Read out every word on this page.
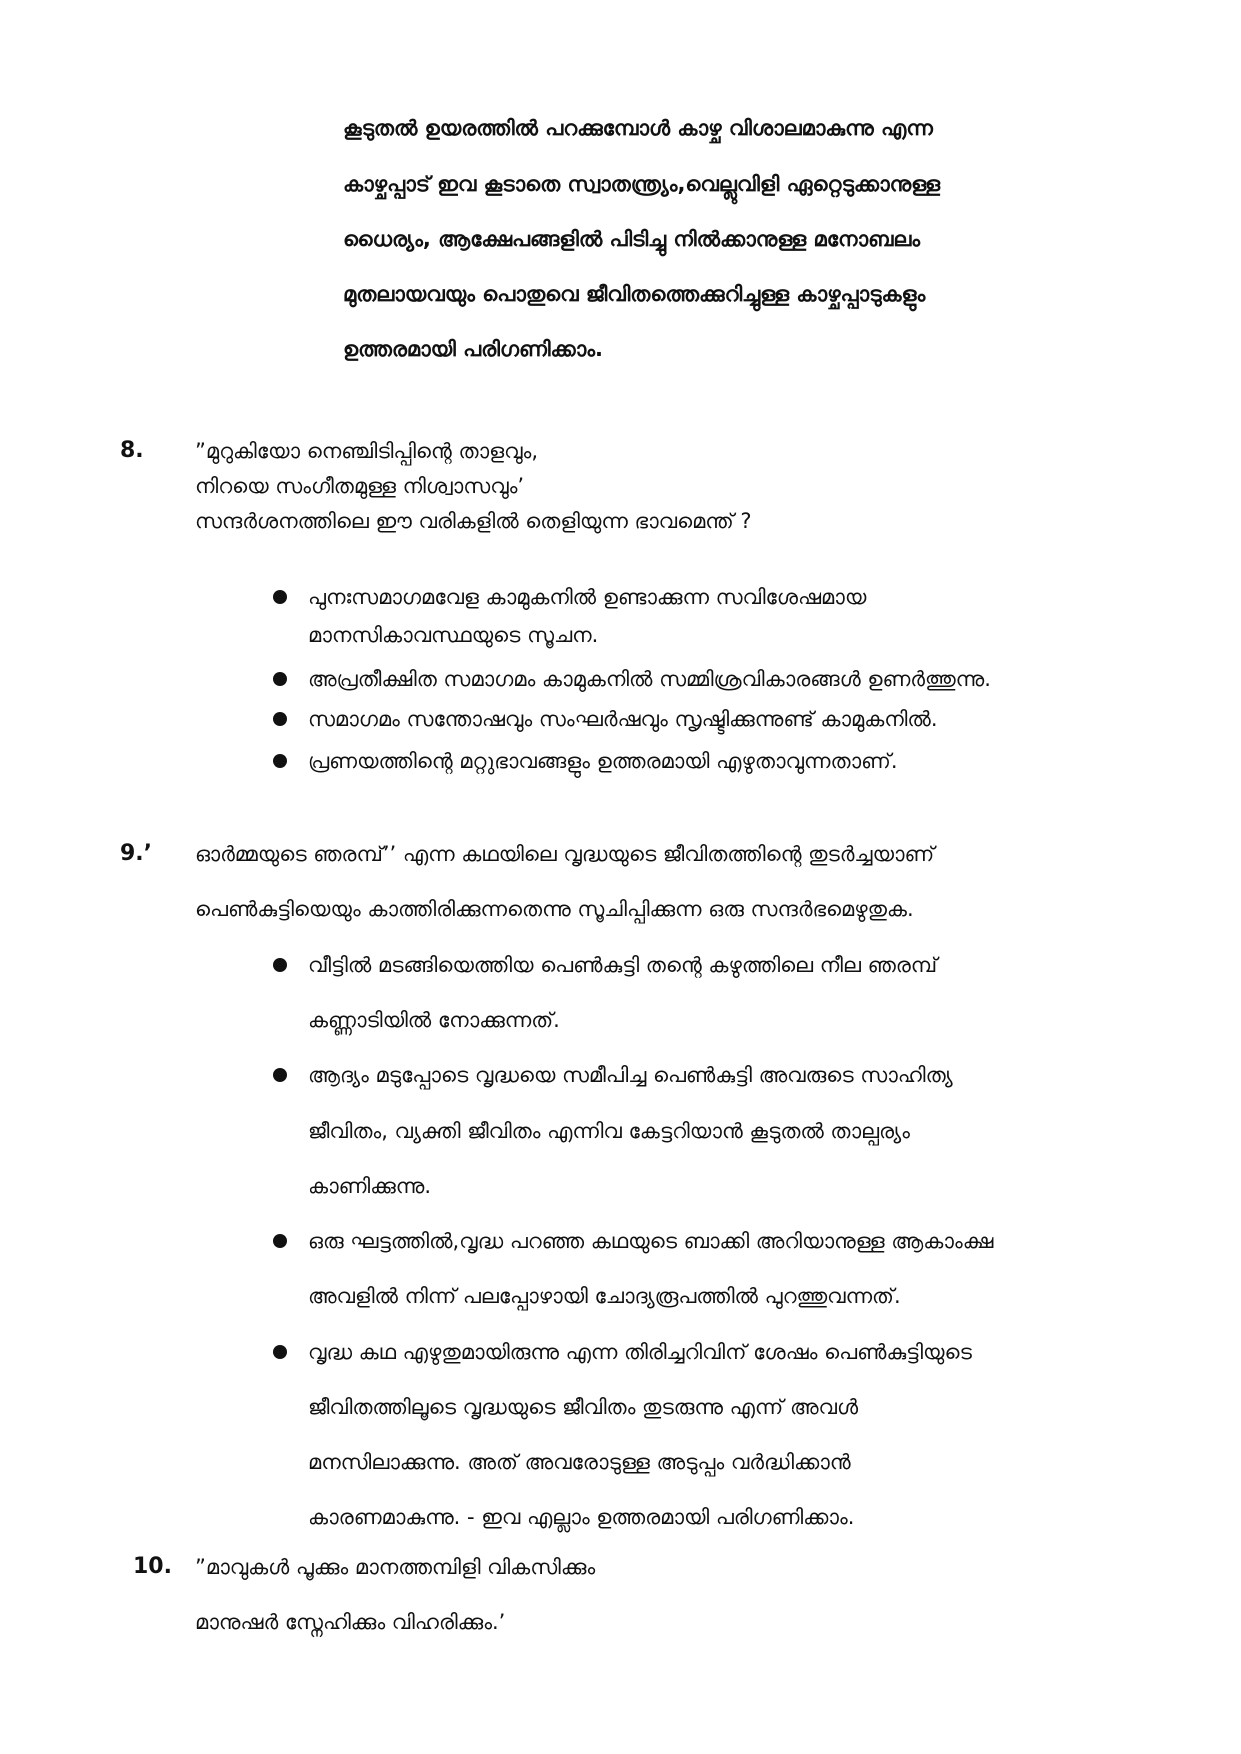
കൂടുതൽ ഉയരത്തിൽ പറക്കുമ്പോൾ കാഴ്ച വിശാലമാകുന്നു എന്ന
കാഴ്ചപ്പാട് ഇവ കൂടാതെ സ്വാതന്ത്ര്യം,വെല്ലുവിളി ഏറ്റെടുക്കാനുള്ള
ധൈര്യം, ആക്ഷേപങ്ങളിൽ പിടിച്ചു നിൽക്കാനുള്ള മനോബലം
മുതലായവയും പൊതുവെ ജീവിതത്തെക്കുറിച്ചുള്ള കാഴ്ചപ്പാടുകളും
ഉത്തരമായി പരിഗണിക്കാം.
8. ”മുറുകിയോ നെഞ്ചിടിപ്പിന്റെ താളവും,
നിറയെ സംഗീതമുള്ള നിശ്വാസവും’
സന്ദർശനത്തിലെ ഈ വരികളിൽ തെളിയുന്ന ഭാവമെന്ത് ?
പുനഃസമാഗമവേള കാമുകനിൽ ഉണ്ടാക്കുന്ന സവിശേഷമായ
മാനസികാവസ്ഥയുടെ സൂചന.
അപ്രതീക്ഷിത സമാഗമം കാമുകനിൽ സമ്മിശ്രവികാരങ്ങൾ ഉണർത്തുന്നു.
സമാഗമം സന്തോഷവും സംഘർഷവും സൃഷ്ടിക്കുന്നുണ്ട് കാമുകനിൽ.
പ്രണയത്തിന്റെ മറ്റുഭാവങ്ങളും ഉത്തരമായി എഴുതാവുന്നതാണ്.
9.’ ഓർമ്മയുടെ ഞരമ്പ്’’ എന്ന കഥയിലെ വൃദ്ധയുടെ ജീവിതത്തിന്റെ തുടർച്ചയാണ്
പെൺകുട്ടിയെയും കാത്തിരിക്കുന്നതെന്നു സൂചിപ്പിക്കുന്ന ഒരു സന്ദർഭമെഴുതുക.
വീട്ടിൽ മടങ്ങിയെത്തിയ പെൺകുട്ടി തന്റെ കഴുത്തിലെ നീല ഞരമ്പ്
കണ്ണാടിയിൽ നോക്കുന്നത്.
ആദ്യം മടുപ്പോടെ വൃദ്ധയെ സമീപിച്ച പെൺകുട്ടി അവരുടെ സാഹിത്യ
ജീവിതം, വ്യക്തി ജീവിതം എന്നിവ കേട്ടറിയാൻ കൂടുതൽ താല്പര്യം
കാണിക്കുന്നു.
ഒരു ഘട്ടത്തിൽ,വൃദ്ധ പറഞ്ഞ കഥയുടെ ബാക്കി അറിയാനുള്ള ആകാംക്ഷ
അവളിൽ നിന്ന് പലപ്പോഴായി ചോദ്യരൂപത്തിൽ പുറത്തുവന്നത്.
വൃദ്ധ കഥ എഴുതുമായിരുന്നു എന്ന തിരിച്ചറിവിന് ശേഷം പെൺകുട്ടിയുടെ
ജീവിതത്തിലൂടെ വൃദ്ധയുടെ ജീവിതം തുടരുന്നു എന്ന് അവൾ
മനസിലാക്കുന്നു. അത് അവരോടുള്ള അടുപ്പം വർദ്ധിക്കാൻ
കാരണമാകുന്നു. - ഇവ എല്ലാം ഉത്തരമായി പരിഗണിക്കാം.
10. ”മാവുകൾ പൂക്കും മാനത്തമ്പിളി വികസിക്കും
മാനുഷർ സ്നേഹിക്കും വിഹരിക്കും.’
